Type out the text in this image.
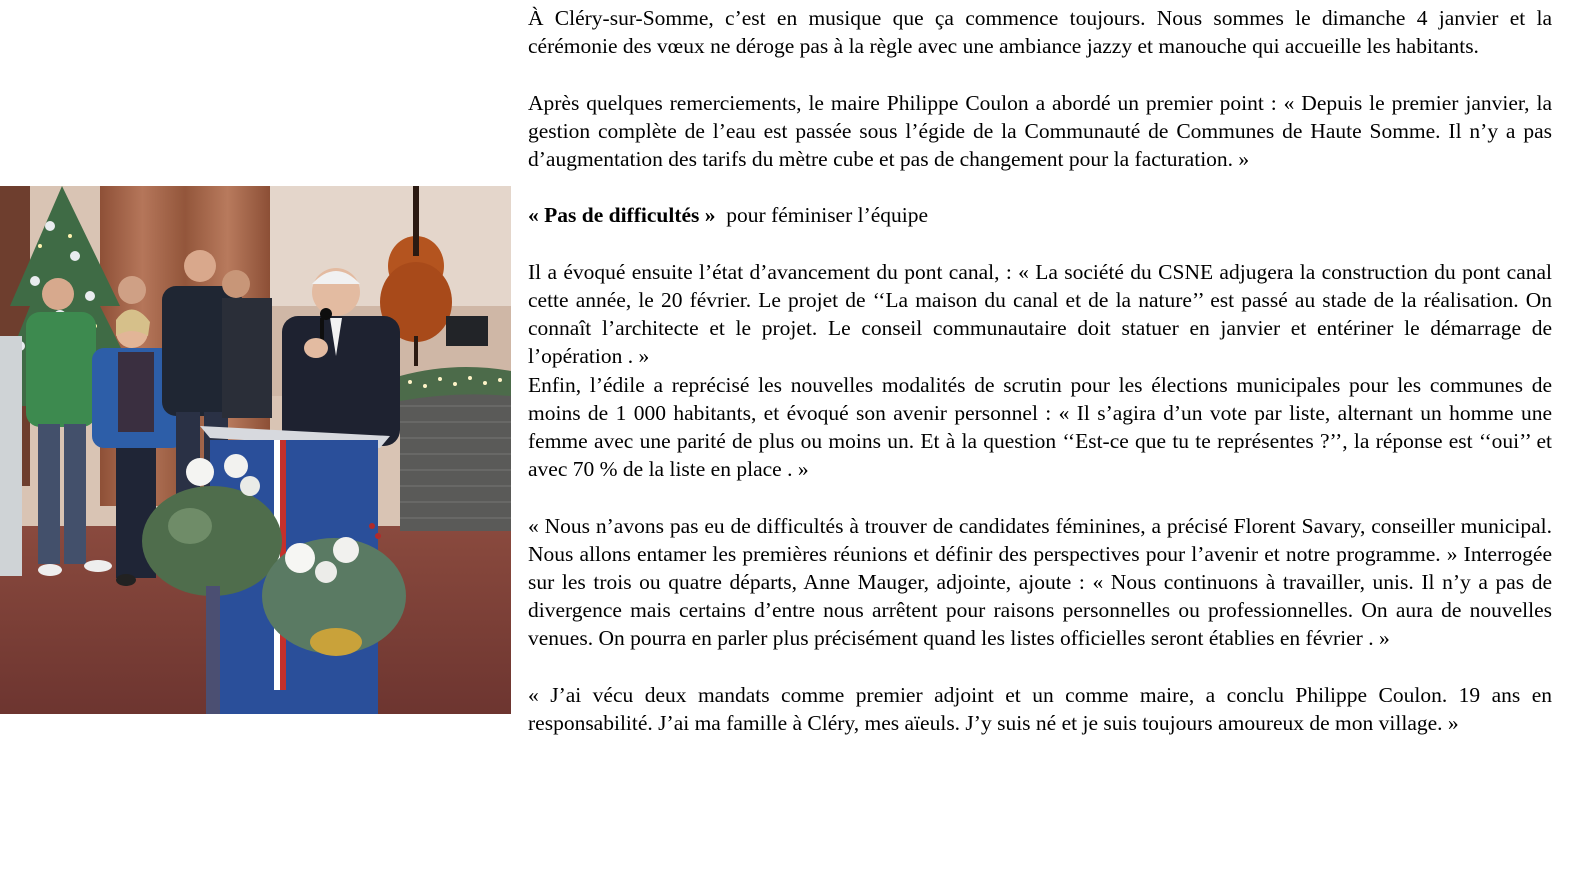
À Cléry-sur-Somme, c’est en musique que ça commence toujours. Nous sommes le dimanche 4 janvier et la cérémonie des vœux ne déroge pas à la règle avec une ambiance jazzy et manouche qui accueille les habitants.

Après quelques remerciements, le maire Philippe Coulon a abordé un premier point : « Depuis le premier janvier, la gestion complète de l’eau est passée sous l’égide de la Communauté de Communes de Haute Somme. Il n’y a pas d’augmentation des tarifs du mètre cube et pas de changement pour la facturation. »

« Pas de difficultés » pour féminiser l’équipe

Il a évoqué ensuite l’état d’avancement du pont canal, : « La société du CSNE adjugera la construction du pont canal cette année, le 20 février. Le projet de ‘‘La maison du canal et de la nature’’ est passé au stade de la réalisation. On connaît l’architecte et le projet. Le conseil communautaire doit statuer en janvier et entériner le démarrage de l’opération . »

Enfin, l’édile a reprécisé les nouvelles modalités de scrutin pour les élections municipales pour les communes de moins de 1 000 habitants, et évoqué son avenir personnel : « Il s’agira d’un vote par liste, alternant un homme une femme avec une parité de plus ou moins un. Et à la question ‘‘Est-ce que tu te représentes ?’’, la réponse est ‘‘oui’’ et avec 70 % de la liste en place . »

« Nous n’avons pas eu de difficultés à trouver de candidates féminines, a précisé Florent Savary, conseiller municipal. Nous allons entamer les premières réunions et définir des perspectives pour l’avenir et notre programme. » Interrogée sur les trois ou quatre départs, Anne Mauger, adjointe, ajoute : « Nous continuons à travailler, unis. Il n’y a pas de divergence mais certains d’entre nous arrêtent pour raisons personnelles ou professionnelles. On aura de nouvelles venues. On pourra en parler plus précisément quand les listes officielles seront établies en février . »

« J’ai vécu deux mandats comme premier adjoint et un comme maire, a conclu Philippe Coulon. 19 ans en responsabilité. J’ai ma famille à Cléry, mes aïeuls. J’y suis né et je suis toujours amoureux de mon village. »
